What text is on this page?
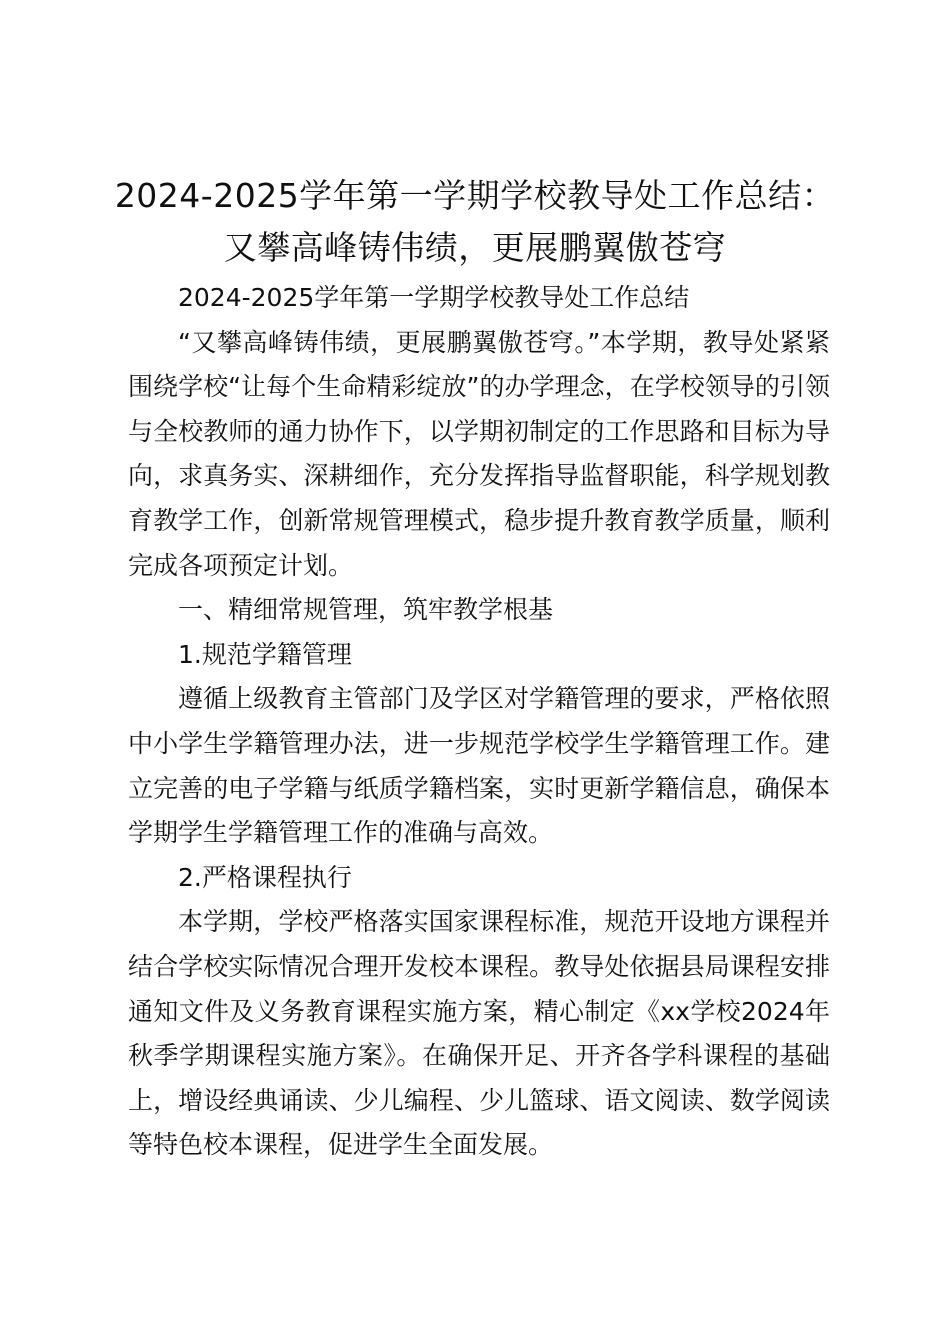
2024-2025学年第一学期学校教导处工作总结：又攀高峰铸伟绩，更展鹏翼傲苍穹

2024-2025学年第一学期学校教导处工作总结

“又攀高峰铸伟绩，更展鹏翼傲苍穹。”本学期，教导处紧紧围绕学校“让每个生命精彩绽放”的办学理念，在学校领导的引领与全校教师的通力协作下，以学期初制定的工作思路和目标为导向，求真务实、深耕细作，充分发挥指导监督职能，科学规划教育教学工作，创新常规管理模式，稳步提升教育教学质量，顺利完成各项预定计划。

一、精细常规管理，筑牢教学根基

1.规范学籍管理

遵循上级教育主管部门及学区对学籍管理的要求，严格依照中小学生学籍管理办法，进一步规范学校学生学籍管理工作。建立完善的电子学籍与纸质学籍档案，实时更新学籍信息，确保本学期学生学籍管理工作的准确与高效。

2.严格课程执行

本学期，学校严格落实国家课程标准，规范开设地方课程并结合学校实际情况合理开发校本课程。教导处依据县局课程安排通知文件及义务教育课程实施方案，精心制定《xx学校2024年秋季学期课程实施方案》。在确保开足、开齐各学科课程的基础上，增设经典诵读、少儿编程、少儿篮球、语文阅读、数学阅读等特色校本课程，促进学生全面发展。
